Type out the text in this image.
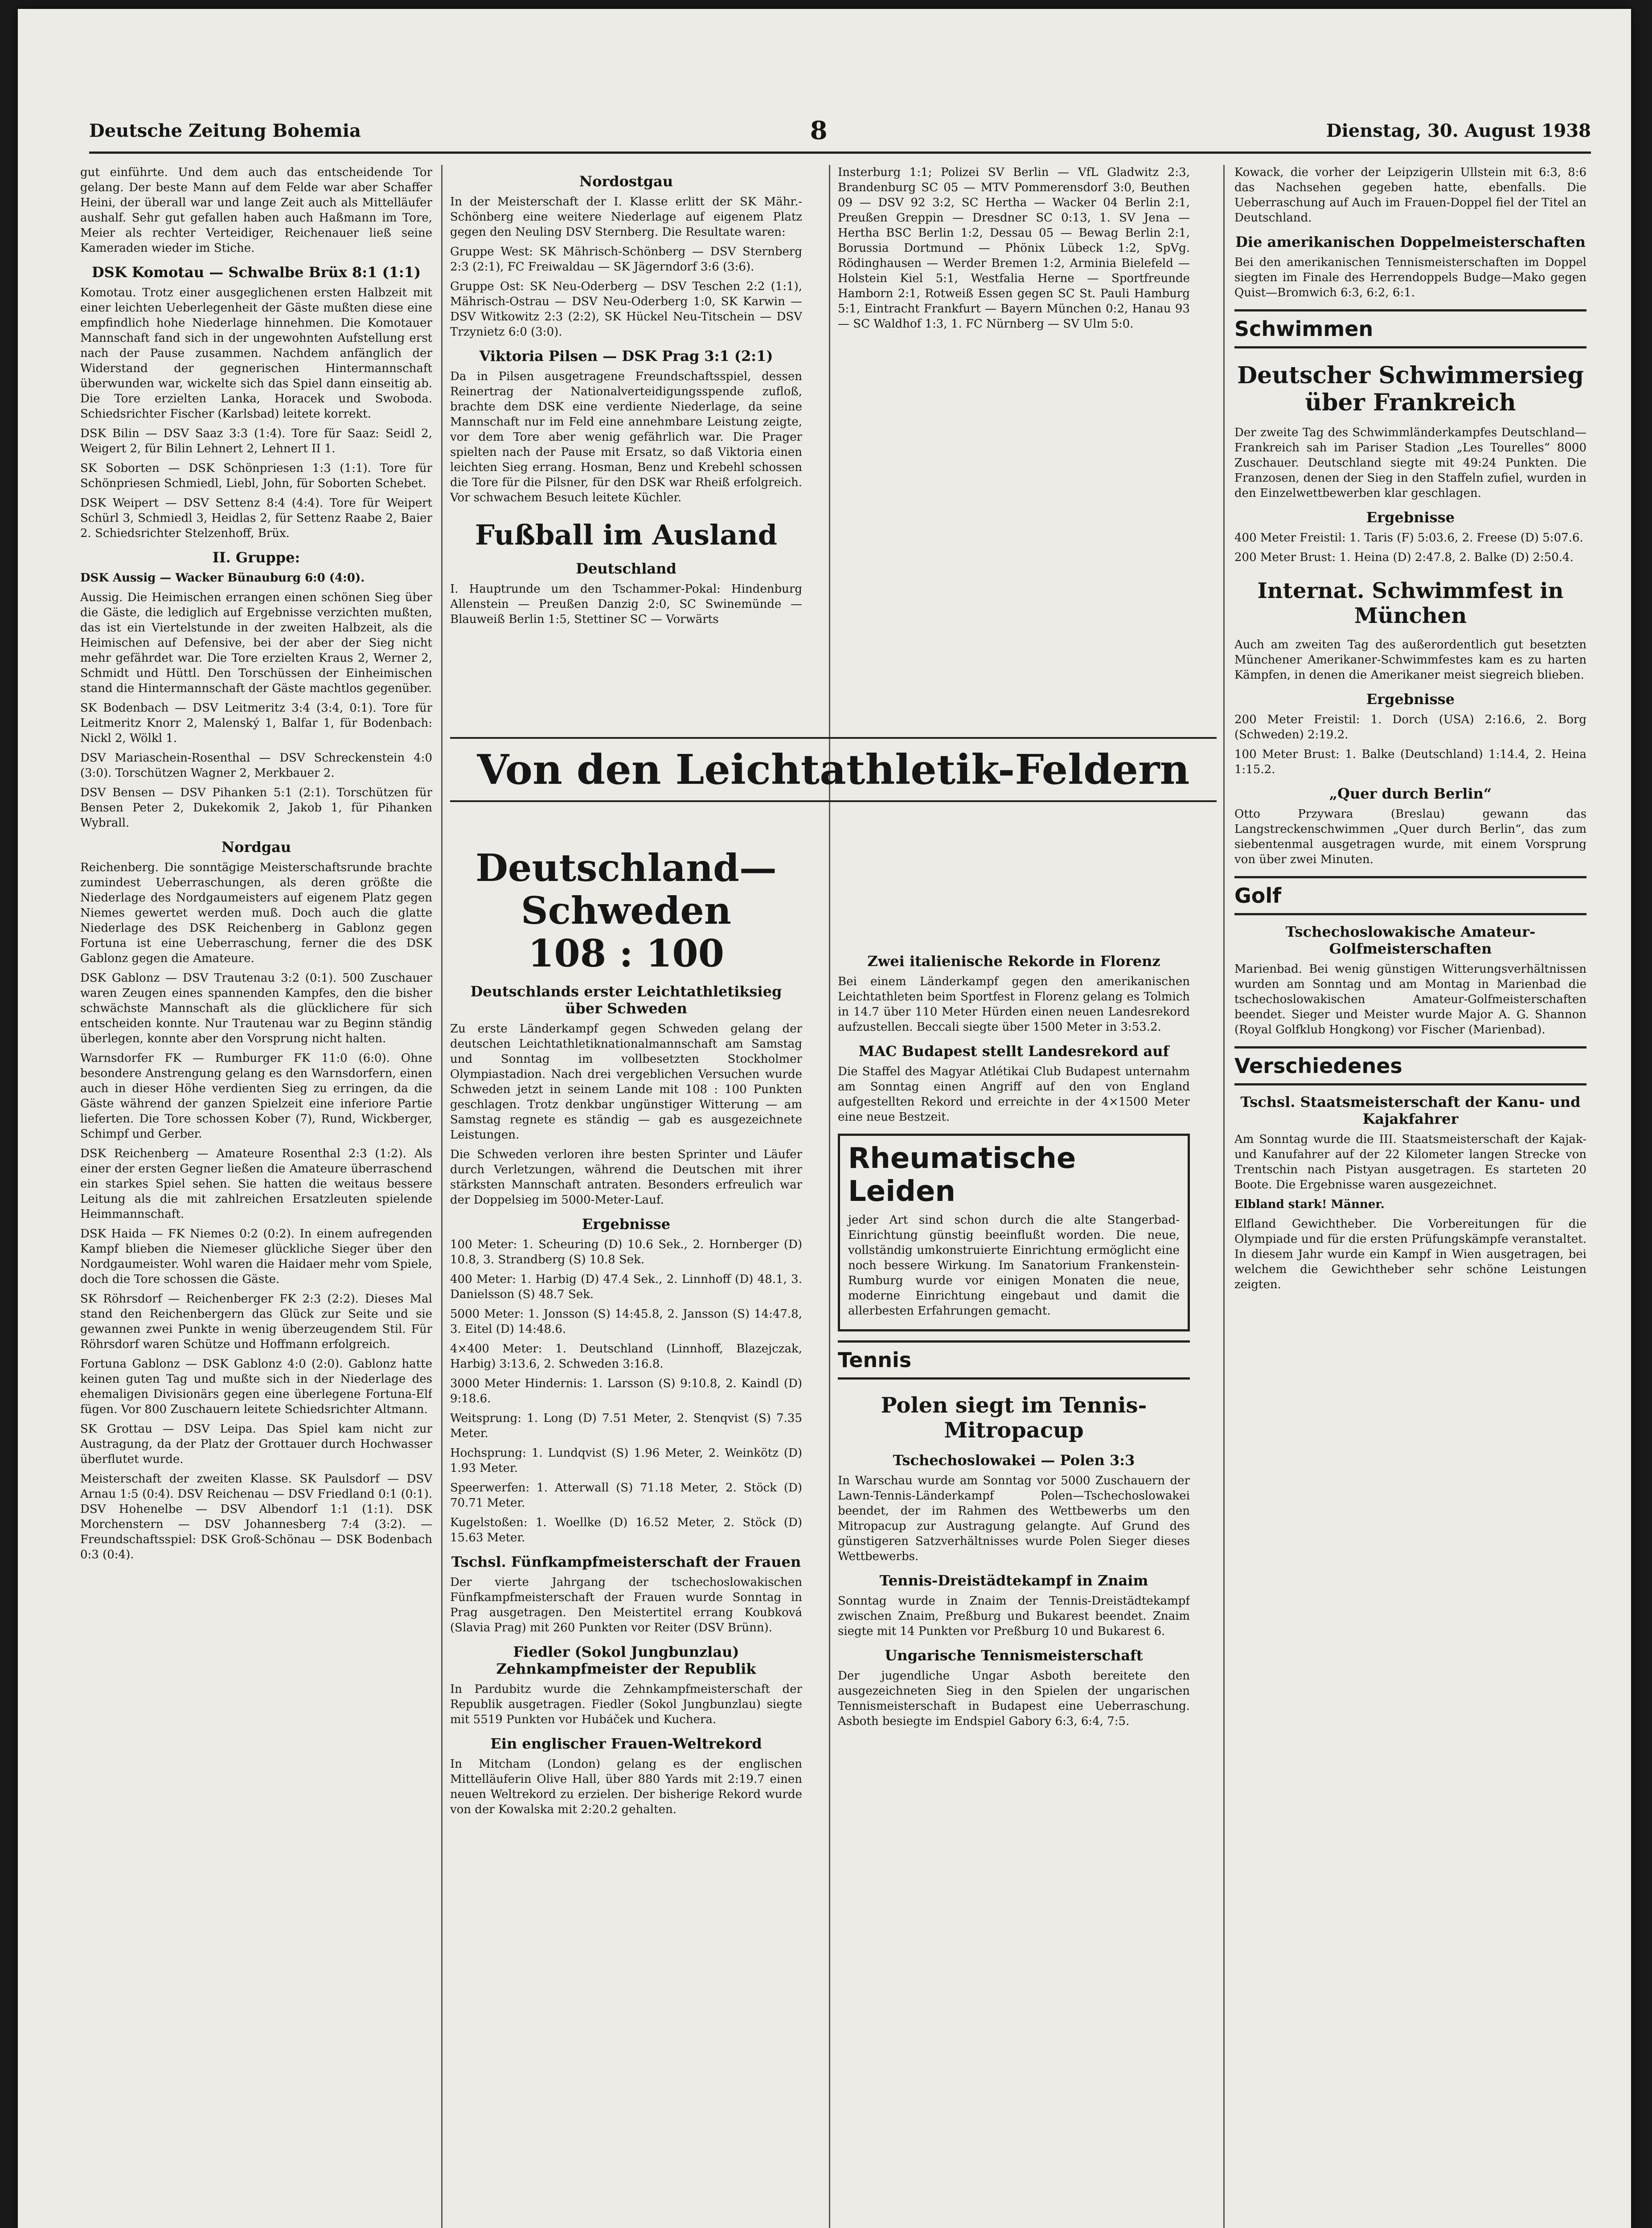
Deutsche Zeitung Bohemia	8	Dienstag, 30. August 1938

gut einführte. Und dem auch das entscheidende Tor gelang. Der beste Mann auf dem Felde war aber Schaffer Heini, der überall war und lange Zeit auch als Mittelläufer aushalf. Sehr gut gefallen haben auch Haßmann im Tore, Meier als rechter Verteidiger, Reichenauer ließ seine Kameraden wieder im Stiche.

DSK Komotau — Schwalbe Brüx 8:1 (1:1)

Komotau. Trotz einer ausgeglichenen ersten Halbzeit mit einer leichten Ueberlegenheit der Gäste mußten diese eine empfindlich hohe Niederlage hinnehmen. Die Komotauer Mannschaft fand sich in der ungewohnten Aufstellung erst nach der Pause zusammen. Nachdem anfänglich der Widerstand der gegnerischen Hintermannschaft überwunden war, wickelte sich das Spiel dann einseitig ab. Die Tore erzielten Lanka, Horacek und Swoboda. Schiedsrichter Fischer (Karlsbad) leitete korrekt.

DSK Bilin — DSV Saaz 3:3 (1:4). Tore für Saaz: Seidl 2, Weigert 2, für Bilin Lehnert 2, Lehnert II 1.

SK Soborten — DSK Schönpriesen 1:3 (1:1). Tore für Schönpriesen Schmiedl, Liebl, John, für Soborten Schebet.

DSK Weipert — DSV Settenz 8:4 (4:4). Tore für Weipert Schürl 3, Schmiedl 3, Heidlas 2, für Settenz Raabe 2, Baier 2. Schiedsrichter Stelzenhoff, Brüx.

II. Gruppe:

DSK Aussig — Wacker Bünauburg 6:0 (4:0).

Aussig. Die Heimischen errangen einen schönen Sieg über die Gäste, die lediglich auf Ergebnisse verzichten mußten, das ist ein Viertelstunde in der zweiten Halbzeit, als die Heimischen auf Defensive, bei der aber der Sieg nicht mehr gefährdet war. Die Tore erzielten Kraus 2, Werner 2, Schmidt und Hüttl. Den Torschüssen der Einheimischen stand die Hintermannschaft der Gäste machtlos gegenüber.

SK Bodenbach — DSV Leitmeritz 3:4 (3:4, 0:1). Tore für Leitmeritz Knorr 2, Malenský 1, Balfar 1, für Bodenbach: Nickl 2, Wölkl 1.

DSV Mariaschein-Rosenthal — DSV Schreckenstein 4:0 (3:0). Torschützen Wagner 2, Merkbauer 2.

DSV Bensen — DSV Pihanken 5:1 (2:1). Torschützen für Bensen Peter 2, Dukekomik 2, Jakob 1, für Pihanken Wybrall.

Nordgau

Reichenberg. Die sonntägige Meisterschaftsrunde brachte zumindest Ueberraschungen, als deren größte die Niederlage des Nordgaumeisters auf eigenem Platz gegen Niemes gewertet werden muß. Doch auch die glatte Niederlage des DSK Reichenberg in Gablonz gegen Fortuna ist eine Ueberraschung, ferner die des DSK Gablonz gegen die Amateure.

DSK Gablonz — DSV Trautenau 3:2 (0:1). 500 Zuschauer waren Zeugen eines spannenden Kampfes, den die bisher schwächste Mannschaft als die glücklichere für sich entscheiden konnte. Nur Trautenau war zu Beginn ständig überlegen, konnte aber den Vorsprung nicht halten.

Warnsdorfer FK — Rumburger FK 11:0 (6:0). Ohne besondere Anstrengung gelang es den Warnsdorfern, einen auch in dieser Höhe verdienten Sieg zu erringen, da die Gäste während der ganzen Spielzeit eine inferiore Partie lieferten. Die Tore schossen Kober (7), Rund, Wickberger, Schimpf und Gerber.

DSK Reichenberg — Amateure Rosenthal 2:3 (1:2). Als einer der ersten Gegner ließen die Amateure überraschend ein starkes Spiel sehen. Sie hatten die weitaus bessere Leitung als die mit zahlreichen Ersatzleuten spielende Heimmannschaft.

DSK Haida — FK Niemes 0:2 (0:2). In einem aufregenden Kampf blieben die Niemeser glückliche Sieger über den Nordgaumeister. Wohl waren die Haidaer mehr vom Spiele, doch die Tore schossen die Gäste.

SK Röhrsdorf — Reichenberger FK 2:3 (2:2). Dieses Mal stand den Reichenbergern das Glück zur Seite und sie gewannen zwei Punkte in wenig überzeugendem Stil. Für Röhrsdorf waren Schütze und Hoffmann erfolgreich.

Fortuna Gablonz — DSK Gablonz 4:0 (2:0). Gablonz hatte keinen guten Tag und mußte sich in der Niederlage des ehemaligen Divisionärs gegen eine überlegene Fortuna-Elf fügen. Vor 800 Zuschauern leitete Schiedsrichter Altmann.

SK Grottau — DSV Leipa. Das Spiel kam nicht zur Austragung, da der Platz der Grottauer durch Hochwasser überflutet wurde.

Meisterschaft der zweiten Klasse. SK Paulsdorf — DSV Arnau 1:5 (0:4). DSV Reichenau — DSV Friedland 0:1 (0:1). DSV Hohenelbe — DSV Albendorf 1:1 (1:1). DSK Morchenstern — DSV Johannesberg 7:4 (3:2). — Freundschaftsspiel: DSK Groß-Schönau — DSK Bodenbach 0:3 (0:4).

Nordostgau

In der Meisterschaft der I. Klasse erlitt der SK Mähr.-Schönberg eine weitere Niederlage auf eigenem Platz gegen den Neuling DSV Sternberg. Die Resultate waren:

Gruppe West: SK Mährisch-Schönberg — DSV Sternberg 2:3 (2:1), FC Freiwaldau — SK Jägerndorf 3:6 (3:6).

Gruppe Ost: SK Neu-Oderberg — DSV Teschen 2:2 (1:1), Mährisch-Ostrau — DSV Neu-Oderberg 1:0, SK Karwin — DSV Witkowitz 2:3 (2:2), SK Hückel Neu-Titschein — DSV Trzynietz 6:0 (3:0).

Viktoria Pilsen — DSK Prag 3:1 (2:1)

Da in Pilsen ausgetragene Freundschaftsspiel, dessen Reinertrag der Nationalverteidigungsspende zufloß, brachte dem DSK eine verdiente Niederlage, da seine Mannschaft nur im Feld eine annehmbare Leistung zeigte, vor dem Tore aber wenig gefährlich war. Die Prager spielten nach der Pause mit Ersatz, so daß Viktoria einen leichten Sieg errang. Hosman, Benz und Krebehl schossen die Tore für die Pilsner, für den DSK war Rheiß erfolgreich. Vor schwachem Besuch leitete Küchler.

Fußball im Ausland
Deutschland

I. Hauptrunde um den Tschammer-Pokal: Hindenburg Allenstein — Preußen Danzig 2:0, SC Swinemünde — Blauweiß Berlin 1:5, Stettiner SC — Vorwärts

Insterburg 1:1; Polizei SV Berlin — VfL Gladwitz 2:3, Brandenburg SC 05 — MTV Pommerensdorf 3:0, Beuthen 09 — DSV 92 3:2, SC Hertha — Wacker 04 Berlin 2:1, Preußen Greppin — Dresdner SC 0:13, 1. SV Jena — Hertha BSC Berlin 1:2, Dessau 05 — Bewag Berlin 2:1, Borussia Dortmund — Phönix Lübeck 1:2, SpVg. Rödinghausen — Werder Bremen 1:2, Arminia Bielefeld — Holstein Kiel 5:1, Westfalia Herne — Sportfreunde Hamborn 2:1, Rotweiß Essen gegen SC St. Pauli Hamburg 5:1, Eintracht Frankfurt — Bayern München 0:2, Hanau 93 — SC Waldhof 1:3, 1. FC Nürnberg — SV Ulm 5:0.

Von den Leichtathletik-Feldern
Deutschland—Schweden
108 : 100
Deutschlands erster Leichtathletiksieg über Schweden

Zu erste Länderkampf gegen Schweden gelang der deutschen Leichtathletiknationalmannschaft am Samstag und Sonntag im vollbesetzten Stockholmer Olympiastadion. Nach drei vergeblichen Versuchen wurde Schweden jetzt in seinem Lande mit 108 : 100 Punkten geschlagen. Trotz denkbar ungünstiger Witterung — am Samstag regnete es ständig — gab es ausgezeichnete Leistungen.

Die Schweden verloren ihre besten Sprinter und Läufer durch Verletzungen, während die Deutschen mit ihrer stärksten Mannschaft antraten. Besonders erfreulich war der Doppelsieg im 5000-Meter-Lauf.

Ergebnisse

100 Meter: 1. Scheuring (D) 10.6 Sek., 2. Hornberger (D) 10.8, 3. Strandberg (S) 10.8 Sek.

400 Meter: 1. Harbig (D) 47.4 Sek., 2. Linnhoff (D) 48.1, 3. Danielsson (S) 48.7 Sek.

5000 Meter: 1. Jonsson (S) 14:45.8, 2. Jansson (S) 14:47.8, 3. Eitel (D) 14:48.6.

4×400 Meter: 1. Deutschland (Linnhoff, Blazejczak, Harbig) 3:13.6, 2. Schweden 3:16.8.

3000 Meter Hindernis: 1. Larsson (S) 9:10.8, 2. Kaindl (D) 9:18.6.

Weitsprung: 1. Long (D) 7.51 Meter, 2. Stenqvist (S) 7.35 Meter.

Hochsprung: 1. Lundqvist (S) 1.96 Meter, 2. Weinkötz (D) 1.93 Meter.

Speerwerfen: 1. Atterwall (S) 71.18 Meter, 2. Stöck (D) 70.71 Meter.

Kugelstoßen: 1. Woellke (D) 16.52 Meter, 2. Stöck (D) 15.63 Meter.

Tschsl. Fünfkampfmeisterschaft der Frauen

Der vierte Jahrgang der tschechoslowakischen Fünfkampfmeisterschaft der Frauen wurde Sonntag in Prag ausgetragen. Den Meistertitel errang Koubková (Slavia Prag) mit 260 Punkten vor Reiter (DSV Brünn).

Fiedler (Sokol Jungbunzlau) Zehnkampfmeister der Republik

In Pardubitz wurde die Zehnkampfmeisterschaft der Republik ausgetragen. Fiedler (Sokol Jungbunzlau) siegte mit 5519 Punkten vor Hubáček und Kuchera.

Ein englischer Frauen-Weltrekord

In Mitcham (London) gelang es der englischen Mittelläuferin Olive Hall, über 880 Yards mit 2:19.7 einen neuen Weltrekord zu erzielen. Der bisherige Rekord wurde von der Kowalska mit 2:20.2 gehalten.

Zwei italienische Rekorde in Florenz

Bei einem Länderkampf gegen den amerikanischen Leichtathleten beim Sportfest in Florenz gelang es Tolmich in 14.7 über 110 Meter Hürden einen neuen Landesrekord aufzustellen. Beccali siegte über 1500 Meter in 3:53.2.

MAC Budapest stellt Landesrekord auf

Die Staffel des Magyar Atlétikai Club Budapest unternahm am Sonntag einen Angriff auf den von England aufgestellten Rekord und erreichte in der 4×1500 Meter eine neue Bestzeit.

Rheumatische Leiden

jeder Art sind schon durch die alte Stangerbad-Einrichtung günstig beeinflußt worden. Die neue, vollständig umkonstruierte Einrichtung ermöglicht eine noch bessere Wirkung. Im Sanatorium Frankenstein-Rumburg wurde vor einigen Monaten die neue, moderne Einrichtung eingebaut und damit die allerbesten Erfahrungen gemacht.

Tennis
Polen siegt im Tennis-Mitropacup
Tschechoslowakei — Polen 3:3

In Warschau wurde am Sonntag vor 5000 Zuschauern der Lawn-Tennis-Länderkampf Polen—Tschechoslowakei beendet, der im Rahmen des Wettbewerbs um den Mitropacup zur Austragung gelangte. Auf Grund des günstigeren Satzverhältnisses wurde Polen Sieger dieses Wettbewerbs.

Tennis-Dreistädtekampf in Znaim

Sonntag wurde in Znaim der Tennis-Dreistädtekampf zwischen Znaim, Preßburg und Bukarest beendet. Znaim siegte mit 14 Punkten vor Preßburg 10 und Bukarest 6.

Ungarische Tennismeisterschaft

Der jugendliche Ungar Asboth bereitete den ausgezeichneten Sieg in den Spielen der ungarischen Tennismeisterschaft in Budapest eine Ueberraschung. Asboth besiegte im Endspiel Gabory 6:3, 6:4, 7:5.

Kowack, die vorher der Leipzigerin Ullstein mit 6:3, 8:6 das Nachsehen gegeben hatte, ebenfalls. Die Ueberraschung auf Auch im Frauen-Doppel fiel der Titel an Deutschland.

Die amerikanischen Doppelmeisterschaften

Bei den amerikanischen Tennismeisterschaften im Doppel siegten im Finale des Herrendoppels Budge—Mako gegen Quist—Bromwich 6:3, 6:2, 6:1.

Schwimmen
Deutscher Schwimmersieg über Frankreich

Der zweite Tag des Schwimmländerkampfes Deutschland—Frankreich sah im Pariser Stadion „Les Tourelles“ 8000 Zuschauer. Deutschland siegte mit 49:24 Punkten. Die Franzosen, denen der Sieg in den Staffeln zufiel, wurden in den Einzelwettbewerben klar geschlagen.

Ergebnisse

400 Meter Freistil: 1. Taris (F) 5:03.6, 2. Freese (D) 5:07.6.

200 Meter Brust: 1. Heina (D) 2:47.8, 2. Balke (D) 2:50.4.

Internat. Schwimmfest in München

Auch am zweiten Tag des außerordentlich gut besetzten Münchener Amerikaner-Schwimmfestes kam es zu harten Kämpfen, in denen die Amerikaner meist siegreich blieben.

Ergebnisse

200 Meter Freistil: 1. Dorch (USA) 2:16.6, 2. Borg (Schweden) 2:19.2.

100 Meter Brust: 1. Balke (Deutschland) 1:14.4, 2. Heina 1:15.2.

„Quer durch Berlin“

Otto Przywara (Breslau) gewann das Langstreckenschwimmen „Quer durch Berlin“, das zum siebentenmal ausgetragen wurde, mit einem Vorsprung von über zwei Minuten.

Golf
Tschechoslowakische Amateur-Golfmeisterschaften

Marienbad. Bei wenig günstigen Witterungsverhältnissen wurden am Sonntag und am Montag in Marienbad die tschechoslowakischen Amateur-Golfmeisterschaften beendet. Sieger und Meister wurde Major A. G. Shannon (Royal Golfklub Hongkong) vor Fischer (Marienbad).

Verschiedenes
Tschsl. Staatsmeisterschaft der Kanu- und Kajakfahrer

Am Sonntag wurde die III. Staatsmeisterschaft der Kajak- und Kanufahrer auf der 22 Kilometer langen Strecke von Trentschin nach Pistyan ausgetragen. Es starteten 20 Boote. Die Ergebnisse waren ausgezeichnet.

Elbland stark! Männer.

Elfland Gewichtheber. Die Vorbereitungen für die Olympiade und für die ersten Prüfungskämpfe veranstaltet. In diesem Jahr wurde ein Kampf in Wien ausgetragen, bei welchem die Gewichtheber sehr schöne Leistungen zeigten.
